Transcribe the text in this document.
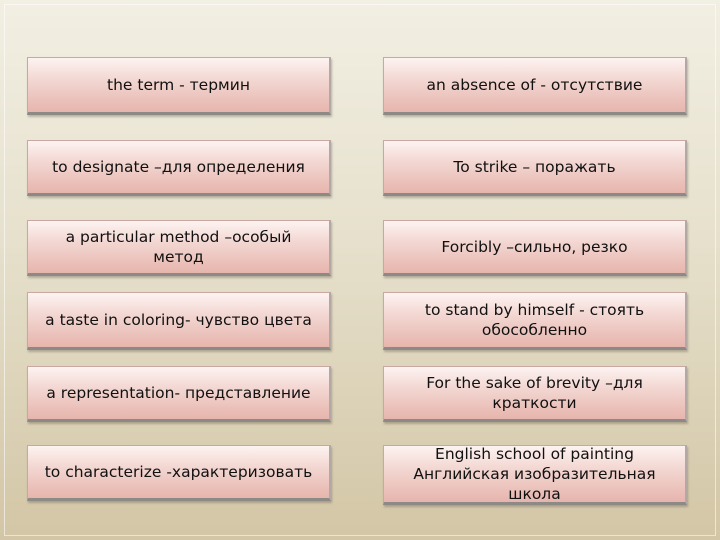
the term - термин
to designate –для определения
a particular method –особый метод
a taste in coloring- чувство цвета
a representation- представление
to characterize -характеризовать
an absence of - отсутствие
To strike – поражать
Forcibly –сильно, резко
to stand by himself - стоять обособленно
For the sake of brevity –для краткости
English school of painting Английская изобразительная школа
